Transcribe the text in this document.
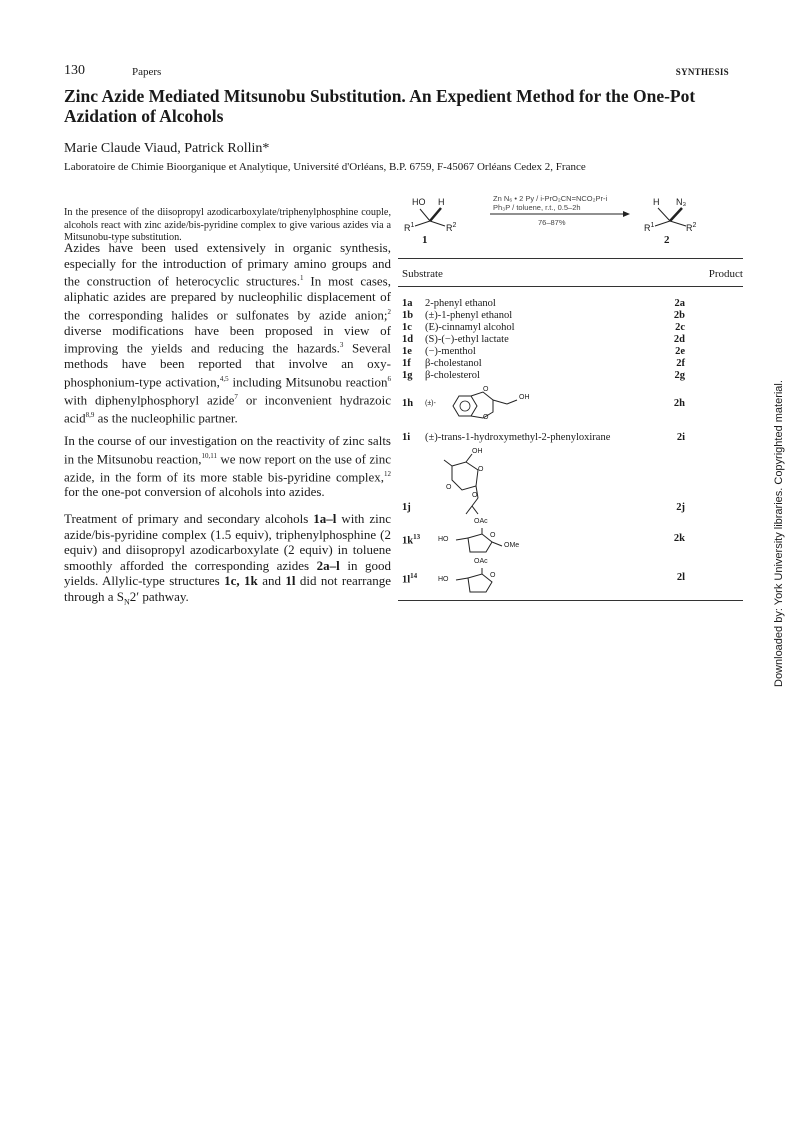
130	Papers	SYNTHESIS
Zinc Azide Mediated Mitsunobu Substitution. An Expedient Method for the One-Pot Azidation of Alcohols
Marie Claude Viaud, Patrick Rollin*
Laboratoire de Chimie Bioorganique et Analytique, Université d'Orléans, B.P. 6759, F-45067 Orléans Cedex 2, France
In the presence of the diisopropyl azodicarboxylate/triphenylphosphine couple, alcohols react with zinc azide/bis-pyridine complex to give various azides via a Mitsunobu-type substitution.
Azides have been used extensively in organic synthesis, especially for the introduction of primary amino groups and the construction of heterocyclic structures.$^1$ In most cases, aliphatic azides are prepared by nucleophilic displacement of the corresponding halides or sulfonates by azide anion;$^2$ diverse modifications have been proposed in view of improving the yields and reducing the hazards.$^3$ Several methods have been reported that involve an oxy-phosphonium-type activation,$^{4,5}$ including Mitsunobu reaction$^6$ with diphenylphosphoryl azide$^7$ or inconvenient hydrazoic acid$^{8,9}$ as the nucleophilic partner.
In the course of our investigation on the reactivity of zinc salts in the Mitsunobu reaction,$^{10,11}$ we now report on the use of zinc azide, in the form of its more stable bis-pyridine complex,$^{12}$ for the one-pot conversion of alcohols into azides.
Treatment of primary and secondary alcohols 1a–l with zinc azide/bis-pyridine complex (1.5 equiv), triphenylphosphine (2 equiv) and diisopropyl azodicarboxylate (2 equiv) in toluene smoothly afforded the corresponding azides 2a–l in good yields. Allylic-type structures 1c, 1k and 1l did not rearrange through a $S_N2'$ pathway.
HO H
$R^1$	$R^2$
1
Zn N₆ • 2 Py / i-PrO₂CN=NCO₂Pr-i
Ph₃P / toluene, r.t., 0.5–2h
76–87%
H N₃
$R^1$	$R^2$
2
Substrate	Product
1a 2-phenyl ethanol	2a
1b (±)-1-phenyl ethanol	2b
1c (E)-cinnamyl alcohol	2c
1d (S)-(−)-ethyl lactate	2d
1e (−)-menthol	2e
1f β-cholestanol	2f
1g β-cholesterol	2g
1h	2h
(±)-
O
O
OH
1i (±)-trans-1-hydroxymethyl-2-phenyloxirane	2i
1j	2j
OH
O
O
O
$1k^{13}$	2k
OAc
HO
O
OMe
$1l^{14}$	2l
OAc
HO
O	Downloaded by: York University libraries. Copyrighted material.
